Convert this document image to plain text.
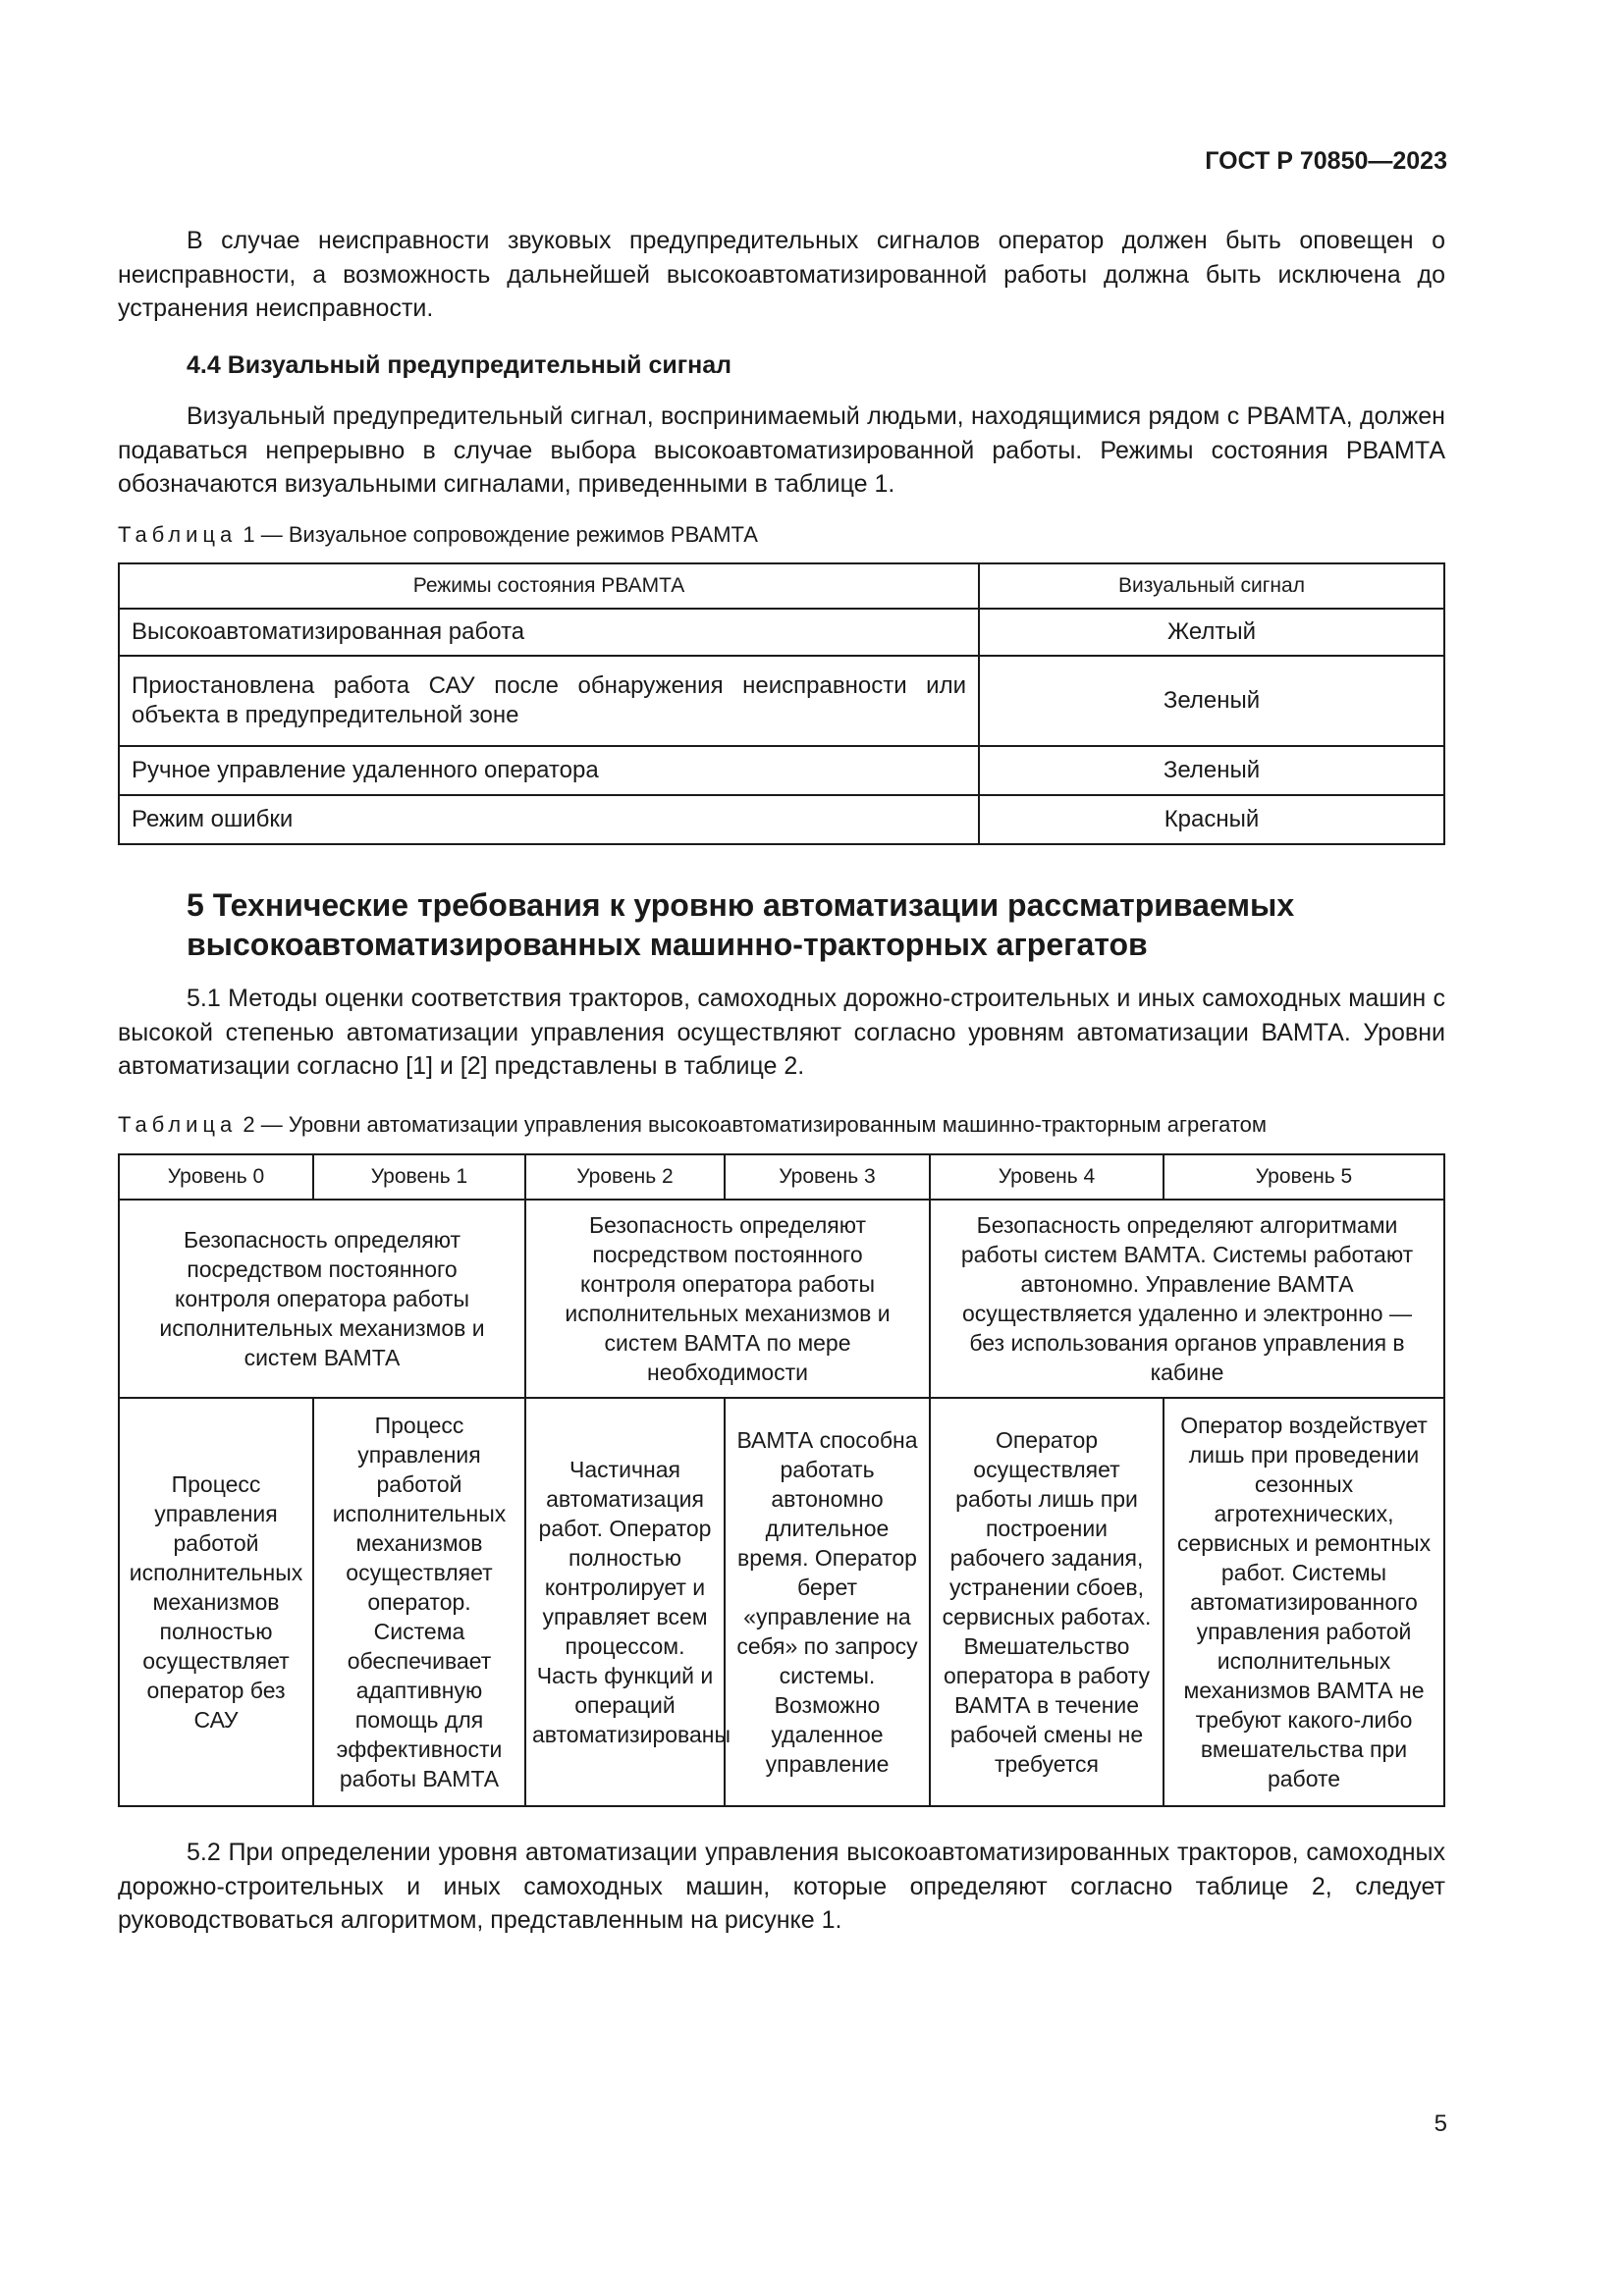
ГОСТ Р 70850—2023

В случае неисправности звуковых предупредительных сигналов оператор должен быть оповещен о неисправности, а возможность дальнейшей высокоавтоматизированной работы должна быть исключена до устранения неисправности.

4.4 Визуальный предупредительный сигнал

Визуальный предупредительный сигнал, воспринимаемый людьми, находящимися рядом с РВАМТА, должен подаваться непрерывно в случае выбора высокоавтоматизированной работы. Режимы состояния РВАМТА обозначаются визуальными сигналами, приведенными в таблице 1.

Таблица 1 — Визуальное сопровождение режимов РВАМТА
Режимы состояния РВАМТА	Визуальный сигнал
Высокоавтоматизированная работа	Желтый
Приостановлена работа САУ после обнаружения неисправности или объекта в предупредительной зоне	Зеленый
Ручное управление удаленного оператора	Зеленый
Режим ошибки	Красный

5 Технические требования к уровню автоматизации рассматриваемых высокоавтоматизированных машинно-тракторных агрегатов

5.1 Методы оценки соответствия тракторов, самоходных дорожно-строительных и иных самоходных машин с высокой степенью автоматизации управления осуществляют согласно уровням автоматизации ВАМТА. Уровни автоматизации согласно [1] и [2] представлены в таблице 2.

Таблица 2 — Уровни автоматизации управления высокоавтоматизированным машинно-тракторным агрегатом
Уровень 0	Уровень 1	Уровень 2	Уровень 3	Уровень 4	Уровень 5
Безопасность определяют посредством постоянного контроля оператора работы исполнительных механизмов и систем ВАМТА		Безопасность определяют посредством постоянного контроля оператора работы исполнительных механизмов и систем ВАМТА по мере необходимости		Безопасность определяют алгоритмами работы систем ВАМТА. Системы работают автономно. Управление ВАМТА осуществляется удаленно и электронно — без использования органов управления в кабине	
Процесс управления работой исполнительных механизмов полностью осуществляет оператор без САУ	Процесс управления работой исполнительных механизмов осуществляет оператор. Система обеспечивает адаптивную помощь для эффективности работы ВАМТА	Частичная автоматизация работ. Оператор полностью контролирует и управляет всем процессом. Часть функций и операций автоматизированы	ВАМТА способна работать автономно длительное время. Оператор берет «управление на себя» по запросу системы. Возможно удаленное управление	Оператор осуществляет работы лишь при построении рабочего задания, устранении сбоев, сервисных работах. Вмешательство оператора в работу ВАМТА в течение рабочей смены не требуется	Оператор воздействует лишь при проведении сезонных агротехнических, сервисных и ремонтных работ. Системы автоматизированного управления работой исполнительных механизмов ВАМТА не требуют какого-либо вмешательства при работе

5.2 При определении уровня автоматизации управления высокоавтоматизированных тракторов, самоходных дорожно-строительных и иных самоходных машин, которые определяют согласно таблице 2, следует руководствоваться алгоритмом, представленным на рисунке 1.

5
